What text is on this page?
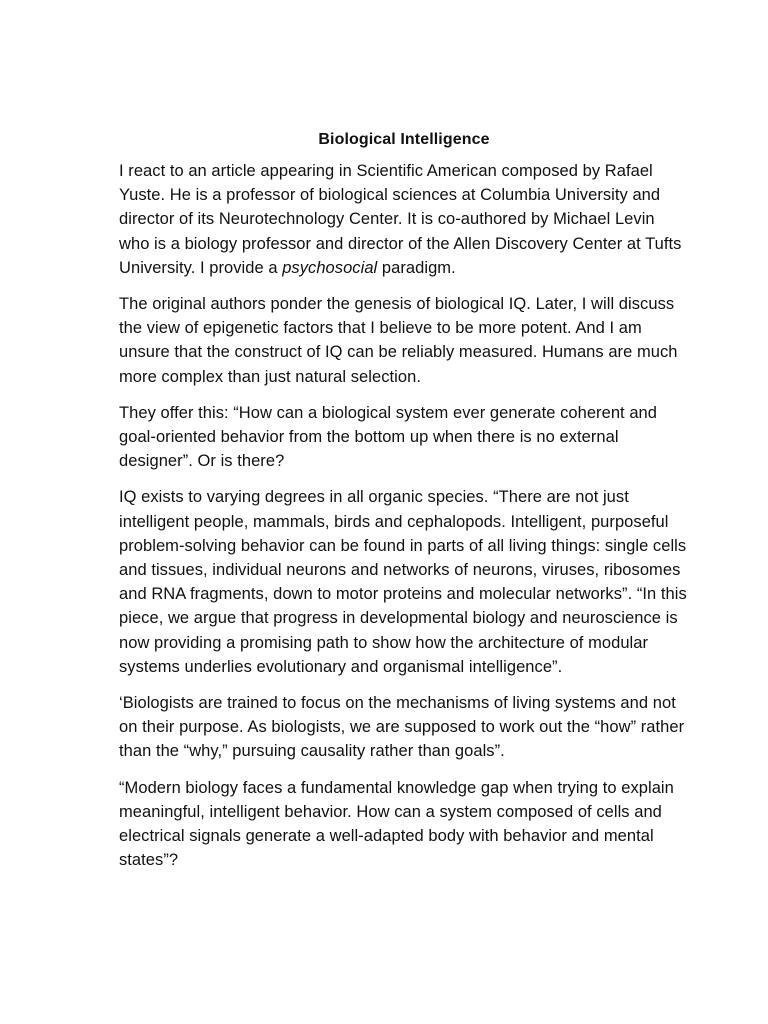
Biological Intelligence

I react to an article appearing in Scientific American composed by Rafael Yuste. He is a professor of biological sciences at Columbia University and director of its Neurotechnology Center. It is co-authored by Michael Levin who is a biology professor and director of the Allen Discovery Center at Tufts University. I provide a psychosocial paradigm.

The original authors ponder the genesis of biological IQ. Later, I will discuss the view of epigenetic factors that I believe to be more potent. And I am unsure that the construct of IQ can be reliably measured. Humans are much more complex than just natural selection.

They offer this: “How can a biological system ever generate coherent and goal-oriented behavior from the bottom up when there is no external designer”. Or is there?

IQ exists to varying degrees in all organic species. “There are not just intelligent people, mammals, birds and cephalopods. Intelligent, purposeful problem-solving behavior can be found in parts of all living things: single cells and tissues, individual neurons and networks of neurons, viruses, ribosomes and RNA fragments, down to motor proteins and molecular networks”. “In this piece, we argue that progress in developmental biology and neuroscience is now providing a promising path to show how the architecture of modular systems underlies evolutionary and organismal intelligence”.

‘Biologists are trained to focus on the mechanisms of living systems and not on their purpose. As biologists, we are supposed to work out the “how” rather than the “why,” pursuing causality rather than goals”.

“Modern biology faces a fundamental knowledge gap when trying to explain meaningful, intelligent behavior. How can a system composed of cells and electrical signals generate a well-adapted body with behavior and mental states”?
